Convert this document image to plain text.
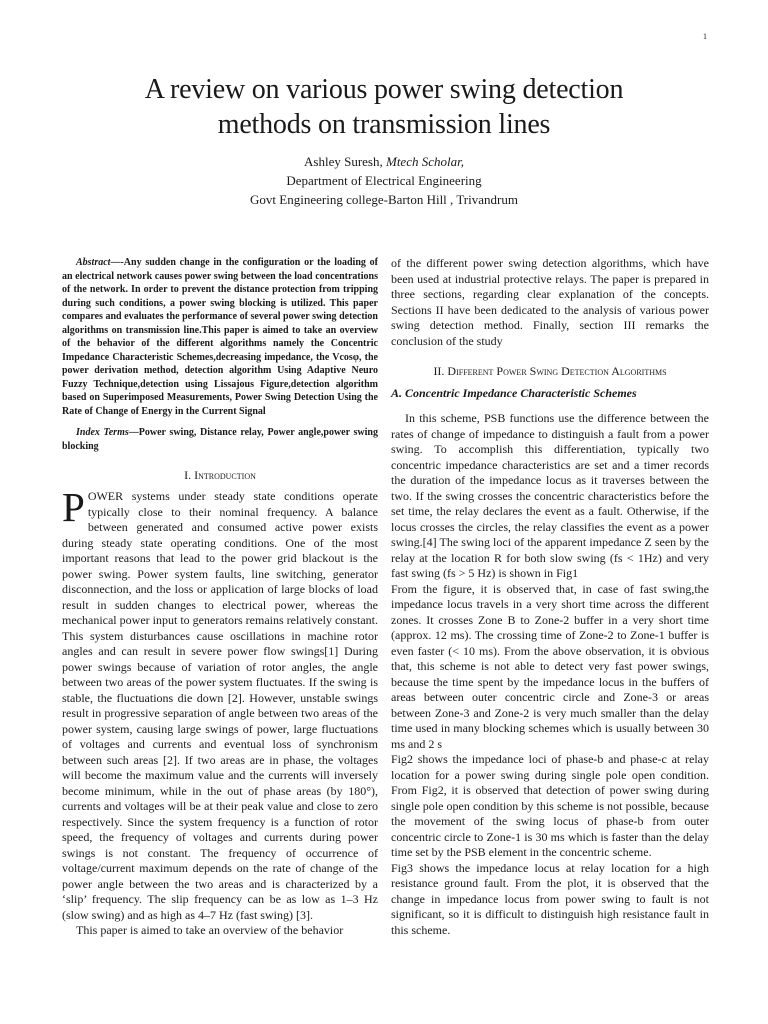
1

A review on various power swing detection
methods on transmission lines

Ashley Suresh, Mtech Scholar,

Department of Electrical Engineering

Govt Engineering college-Barton Hill , Trivandrum

Abstract—-Any sudden change in the configuration or the loading of an electrical network causes power swing between the load concentrations of the network. In order to prevent the distance protection from tripping during such conditions, a power swing blocking is utilized. This paper compares and evaluates the performance of several power swing detection algorithms on transmission line.This paper is aimed to take an overview of the behavior of the different algorithms namely the Concentric Impedance Characteristic Schemes,decreasing impedance, the Vcosφ, the power derivation method, detection algorithm Using Adaptive Neuro Fuzzy Technique,detection using Lissajous Figure,detection algorithm based on Superimposed Measurements, Power Swing Detection Using the Rate of Change of Energy in the Current Signal

Index Terms—Power swing, Distance relay, Power angle,power swing blocking

I. Introduction

POWER systems under steady state conditions operate typically close to their nominal frequency. A balance between generated and consumed active power exists during steady state operating conditions. One of the most important reasons that lead to the power grid blackout is the power swing. Power system faults, line switching, generator disconnection, and the loss or application of large blocks of load result in sudden changes to electrical power, whereas the mechanical power input to generators remains relatively constant. This system disturbances cause oscillations in machine rotor angles and can result in severe power flow swings[1] During power swings because of variation of rotor angles, the angle between two areas of the power system fluctuates. If the swing is stable, the fluctuations die down [2]. However, unstable swings result in progressive separation of angle between two areas of the power system, causing large swings of power, large fluctuations of voltages and currents and eventual loss of synchronism between such areas [2]. If two areas are in phase, the voltages will become the maximum value and the currents will inversely become minimum, while in the out of phase areas (by 180°), currents and voltages will be at their peak value and close to zero respectively. Since the system frequency is a function of rotor speed, the frequency of voltages and currents during power swings is not constant. The frequency of occurrence of voltage/current maximum depends on the rate of change of the power angle between the two areas and is characterized by a ‘slip’ frequency. The slip frequency can be as low as 1–3 Hz (slow swing) and as high as 4–7 Hz (fast swing) [3].

This paper is aimed to take an overview of the behavior

of the different power swing detection algorithms, which have been used at industrial protective relays. The paper is prepared in three sections, regarding clear explanation of the concepts. Sections II have been dedicated to the analysis of various power swing detection method. Finally, section III remarks the conclusion of the study

II. Different Power Swing Detection Algorithms
A. Concentric Impedance Characteristic Schemes

In this scheme, PSB functions use the difference between the rates of change of impedance to distinguish a fault from a power swing. To accomplish this differentiation, typically two concentric impedance characteristics are set and a timer records the duration of the impedance locus as it traverses between the two. If the swing crosses the concentric characteristics before the set time, the relay declares the event as a fault. Otherwise, if the locus crosses the circles, the relay classifies the event as a power swing.[4] The swing loci of the apparent impedance Z seen by the relay at the location R for both slow swing (fs < 1Hz) and very fast swing (fs > 5 Hz) is shown in Fig1

From the figure, it is observed that, in case of fast swing,the impedance locus travels in a very short time across the different zones. It crosses Zone B to Zone-2 buffer in a very short time (approx. 12 ms). The crossing time of Zone-2 to Zone-1 buffer is even faster (< 10 ms). From the above observation, it is obvious that, this scheme is not able to detect very fast power swings, because the time spent by the impedance locus in the buffers of areas between outer concentric circle and Zone-3 or areas between Zone-3 and Zone-2 is very much smaller than the delay time used in many blocking schemes which is usually between 30 ms and 2 s

Fig2 shows the impedance loci of phase-b and phase-c at relay location for a power swing during single pole open condition. From Fig2, it is observed that detection of power swing during single pole open condition by this scheme is not possible, because the movement of the swing locus of phase-b from outer concentric circle to Zone-1 is 30 ms which is faster than the delay time set by the PSB element in the concentric scheme.

Fig3 shows the impedance locus at relay location for a high resistance ground fault. From the plot, it is observed that the change in impedance locus from power swing to fault is not significant, so it is difficult to distinguish high resistance fault in this scheme.
